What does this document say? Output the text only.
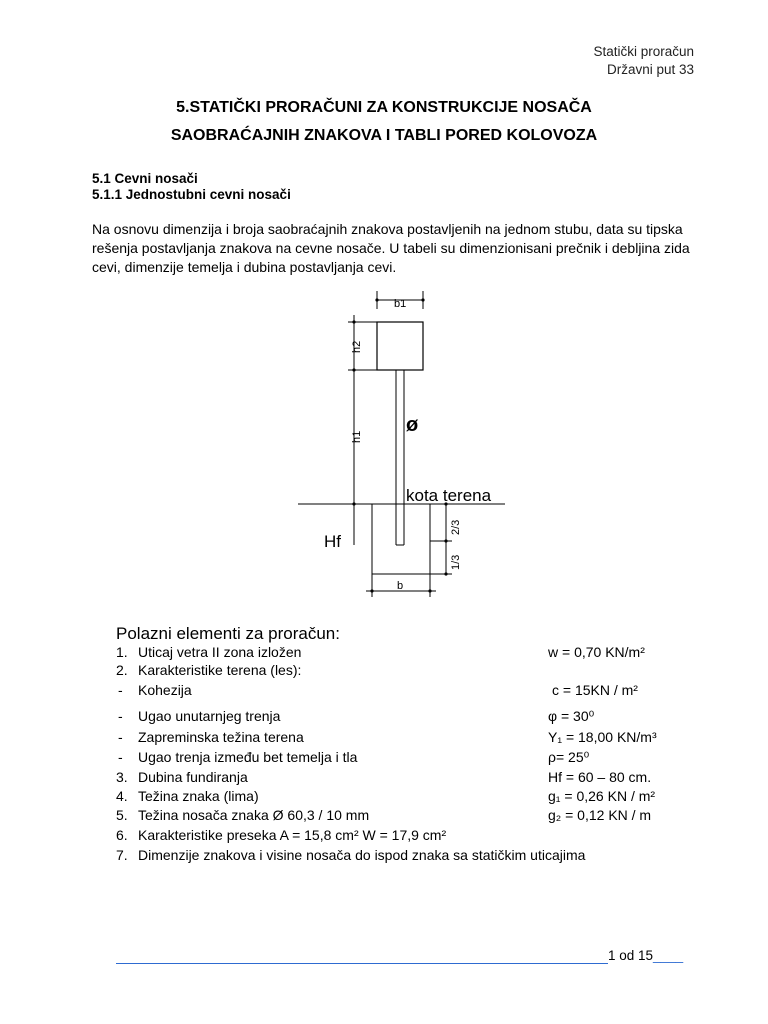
Statički proračun
Državni put 33
5.STATIČKI PRORAČUNI ZA KONSTRUKCIJE NOSAČA
SAOBRAĆAJNIH ZNAKOVA I TABLI PORED KOLOVOZA
5.1 Cevni nosači
5.1.1 Jednostubni cevni nosači
Na osnovu dimenzija i broja saobraćajnih znakova postavljenih na jednom stubu, data su tipska rešenja postavljanja znakova na cevne nosače. U tabeli su dimenzionisani prečnik i debljina zida cevi, dimenzije temelja i dubina postavljanja cevi.
b1
h2
h1
ø
kota terena
Hf
2/3
1/3
b
Polazni elementi za proračun:
1. Uticaj vetra II zona izložen	w = 0,70 KN/m²
2. Karakteristike terena (les):
- Kohezija	c = 15KN / m²
- Ugao unutarnjeg trenja	φ = 30⁰
- Zapreminska težina terena	Y₁ = 18,00 KN/m³
- Ugao trenja između bet temelja i tla	ρ= 25⁰
3. Dubina fundiranja	Hf = 60 – 80 cm.
4. Težina znaka (lima)	g₁ = 0,26 KN / m²
5. Težina nosača znaka Ø 60,3 / 10 mm	g₂ = 0,12 KN / m
6. Karakteristike preseka A = 15,8 cm² W = 17,9 cm²
7. Dimenzije znakova i visine nosača do ispod znaka sa statičkim uticajima
1 od 15____
